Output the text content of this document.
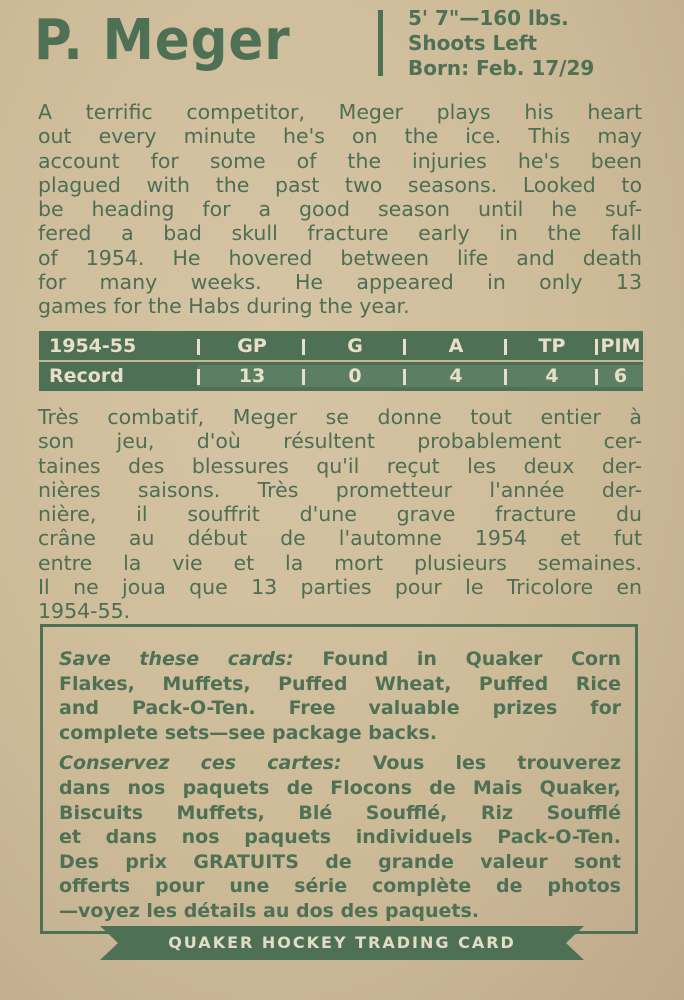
P. Meger	5' 7"—160 lbs.
Shoots Left
Born: Feb. 17/29
A terrific competitor, Meger plays his heart
out every minute he's on the ice. This may
account for some of the injuries he's been
plagued with the past two seasons. Looked to
be heading for a good season until he suf-
fered a bad skull fracture early in the fall
of 1954. He hovered between life and death
for many weeks. He appeared in only 13
games for the Habs during the year.
1954-55	GP	G	A	TP	PIM
Record	13	0	4	4	6
Très combatif, Meger se donne tout entier à
son jeu, d'où résultent probablement cer-
taines des blessures qu'il reçut les deux der-
nières saisons. Très prometteur l'année der-
nière, il souffrit d'une grave fracture du
crâne au début de l'automne 1954 et fut
entre la vie et la mort plusieurs semaines.
Il ne joua que 13 parties pour le Tricolore en
1954-55.
Save these cards: Found in Quaker Corn
Flakes, Muffets, Puffed Wheat, Puffed Rice
and Pack-O-Ten. Free valuable prizes for
complete sets—see package backs.
Conservez ces cartes: Vous les trouverez
dans nos paquets de Flocons de Mais Quaker,
Biscuits Muffets, Blé Soufflé, Riz Soufflé
et dans nos paquets individuels Pack-O-Ten.
Des prix GRATUITS de grande valeur sont
offerts pour une série complète de photos
—voyez les détails au dos des paquets.
QUAKER HOCKEY TRADING CARD
